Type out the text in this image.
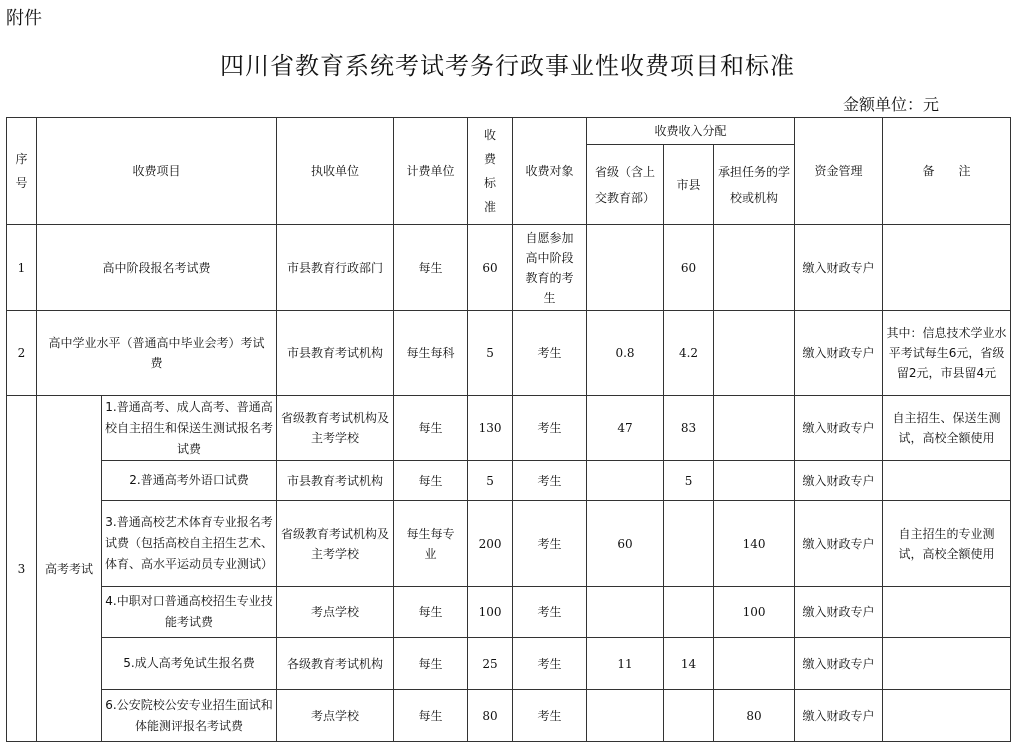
附件
四川省教育系统考试考务行政事业性收费项目和标准
金额单位：元
序号	收费项目		执收单位	计费单位	收费标准	收费对象	收费收入分配			资金管理	备　　注

							省级（含上交教育部）	市县	承担任务的学校或机构		

1	高中阶段报名考试费		市县教育行政部门	每生	60	自愿参加高中阶段教育的考生		60		缴入财政专户	
2	高中学业水平（普通高中毕业会考）考试费		市县教育考试机构	每生每科	5	考生	0.8	4.2		缴入财政专户	其中：信息技术学业水平考试每生6元，省级留2元，市县留4元

3	高考考试	1.普通高考、成人高考、普通高校自主招生和保送生测试报名考试费	省级教育考试机构及主考学校	每生	130	考生	47	83		缴入财政专户	自主招生、保送生测试，高校全额使用
		2.普通高考外语口试费	市县教育考试机构	每生	5	考生		5		缴入财政专户	
		3.普通高校艺术体育专业报名考试费（包括高校自主招生艺术、体育、高水平运动员专业测试）	省级教育考试机构及主考学校	每生每专业	200	考生	60		140	缴入财政专户	自主招生的专业测试，高校全额使用

		4.中职对口普通高校招生专业技能考试费	考点学校	每生	100	考生			100	缴入财政专户	
		5.成人高考免试生报名费	各级教育考试机构	每生	25	考生	11	14		缴入财政专户	
		6.公安院校公安专业招生面试和体能测评报名考试费	考点学校	每生	80	考生			80	缴入财政专户	
